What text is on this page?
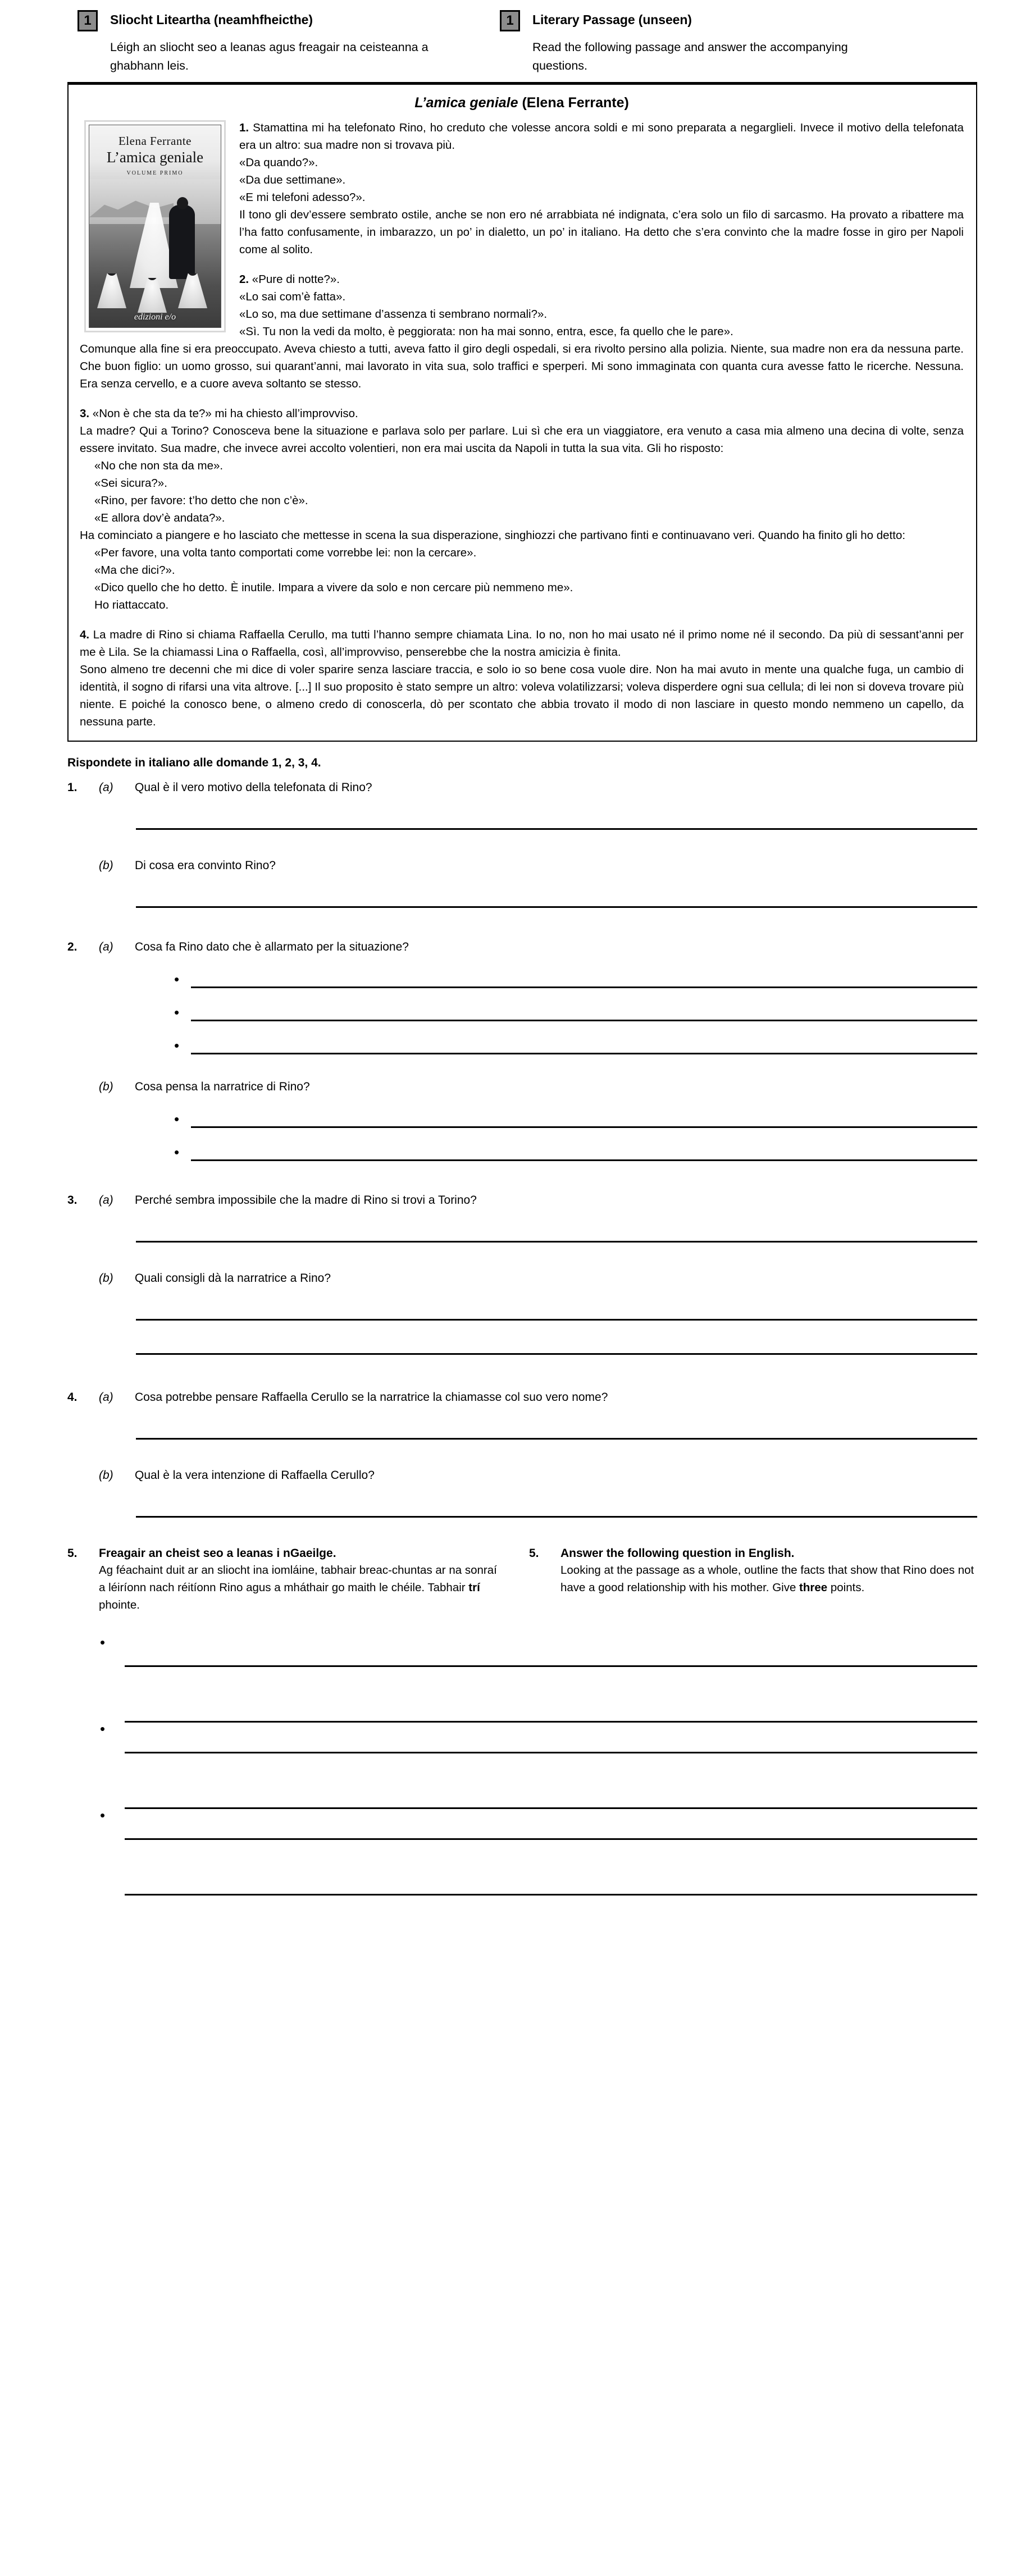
1	Sliocht Liteartha (neamhfheicthe)
Léigh an sliocht seo a leanas agus freagair na ceisteanna a ghabhann leis.
1	Literary Passage (unseen)
Read the following passage and answer the accompanying questions.
L’amica geniale (Elena Ferrante)
Elena Ferrante
L’amica geniale
VOLUME PRIMO
edizioni e/o

1. Stamattina mi ha telefonato Rino, ho creduto che volesse ancora soldi e mi sono preparata a negarglieli. Invece il motivo della telefonata era un altro: sua madre non si trovava più.

«Da quando?».

«Da due settimane».

«E mi telefoni adesso?».

Il tono gli dev’essere sembrato ostile, anche se non ero né arrabbiata né indignata, c’era solo un filo di sarcasmo. Ha provato a ribattere ma l’ha fatto confusamente, in imbarazzo, un po’ in dialetto, un po’ in italiano. Ha detto che s’era convinto che la madre fosse in giro per Napoli come al solito.

2. «Pure di notte?».

«Lo sai com’è fatta».

«Lo so, ma due settimane d’assenza ti sembrano normali?».

«Sì. Tu non la vedi da molto, è peggiorata: non ha mai sonno, entra, esce, fa quello che le pare».

Comunque alla fine si era preoccupato. Aveva chiesto a tutti, aveva fatto il giro degli ospedali, si era rivolto persino alla polizia. Niente, sua madre non era da nessuna parte. Che buon figlio: un uomo grosso, sui quarant’anni, mai lavorato in vita sua, solo traffici e sperperi. Mi sono immaginata con quanta cura avesse fatto le ricerche. Nessuna. Era senza cervello, e a cuore aveva soltanto se stesso.

3. «Non è che sta da te?» mi ha chiesto all’improvviso.

La madre? Qui a Torino? Conosceva bene la situazione e parlava solo per parlare. Lui sì che era un viaggiatore, era venuto a casa mia almeno una decina di volte, senza essere invitato. Sua madre, che invece avrei accolto volentieri, non era mai uscita da Napoli in tutta la sua vita. Gli ho risposto:

«No che non sta da me».

«Sei sicura?».

«Rino, per favore: t’ho detto che non c’è».

«E allora dov’è andata?».

Ha cominciato a piangere e ho lasciato che mettesse in scena la sua disperazione, singhiozzi che partivano finti e continuavano veri. Quando ha finito gli ho detto:

«Per favore, una volta tanto comportati come vorrebbe lei: non la cercare».

«Ma che dici?».

«Dico quello che ho detto. È inutile. Impara a vivere da solo e non cercare più nemmeno me».

Ho riattaccato.

4. La madre di Rino si chiama Raffaella Cerullo, ma tutti l’hanno sempre chiamata Lina. Io no, non ho mai usato né il primo nome né il secondo. Da più di sessant’anni per me è Lila. Se la chiamassi Lina o Raffaella, così, all’improvviso, penserebbe che la nostra amicizia è finita.

Sono almeno tre decenni che mi dice di voler sparire senza lasciare traccia, e solo io so bene cosa vuole dire. Non ha mai avuto in mente una qualche fuga, un cambio di identità, il sogno di rifarsi una vita altrove. [...] Il suo proposito è stato sempre un altro: voleva volatilizzarsi; voleva disperdere ogni sua cellula; di lei non si doveva trovare più niente. E poiché la conosco bene, o almeno credo di conoscerla, dò per scontato che abbia trovato il modo di non lasciare in questo mondo nemmeno un capello, da nessuna parte.

Rispondete in italiano alle domande 1, 2, 3, 4.
1.	(a)	Qual è il vero motivo della telefonata di Rino?
(b)	Di cosa era convinto Rino?
2.	(a)	Cosa fa Rino dato che è allarmato per la situazione?
•
•
•
(b)	Cosa pensa la narratrice di Rino?
•
•
3.	(a)	Perché sembra impossibile che la madre di Rino si trovi a Torino?
(b)	Quali consigli dà la narratrice a Rino?
4.	(a)	Cosa potrebbe pensare Raffaella Cerullo se la narratrice la chiamasse col suo vero nome?
(b)	Qual è la vera intenzione di Raffaella Cerullo?
5.	Freagair an cheist seo a leanas i nGaeilge.
Ag féachaint duit ar an sliocht ina iomláine, tabhair breac-chuntas ar na sonraí a léiríonn nach réitíonn Rino agus a mháthair go maith le chéile. Tabhair trí phointe.
5.	Answer the following question in English.
Looking at the passage as a whole, outline the facts that show that Rino does not have a good relationship with his mother. Give three points.
•
•
•
